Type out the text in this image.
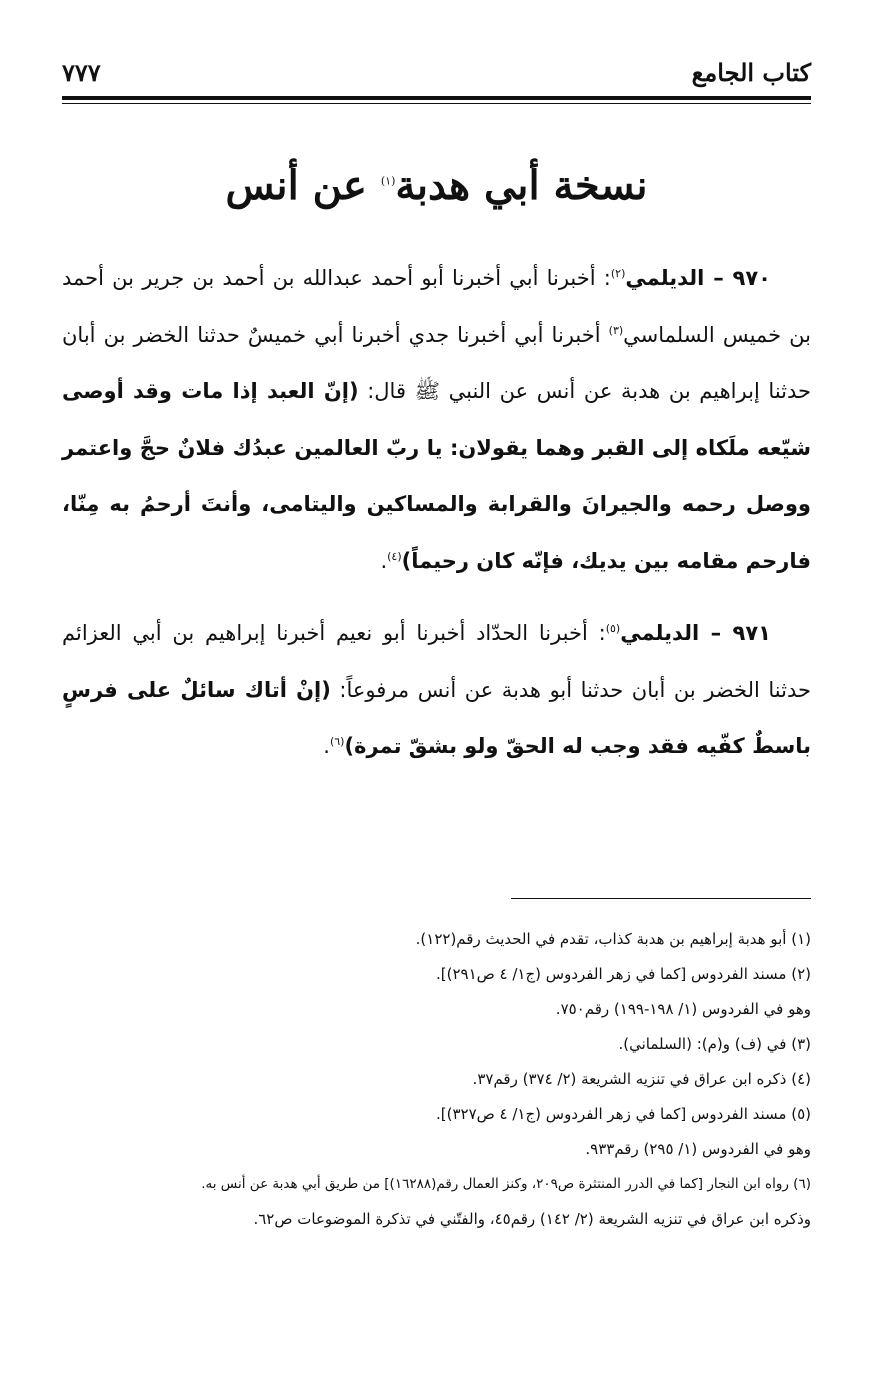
كتاب الجامع
٧٧٧
نسخة أبي هدبة$^{(١)}$ عن أنس

٩٧٠ – الديلمي$^{(٢)}$: أخبرنا أبي أخبرنا أبو أحمد عبدالله بن أحمد بن جرير بن أحمد بن خميس السلماسي$^{(٣)}$ أخبرنا أبي أخبرنا جدي أخبرنا أبي خميسٌ حدثنا الخضر بن أبان حدثنا إبراهيم بن هدبة عن أنس عن النبي ﷺ قال: (إنّ العبد إذا مات وقد أوصى شيّعه ملَكاه إلى القبر وهما يقولان: يا ربّ العالمين عبدُك فلانٌ حجَّ واعتمر ووصل رحمه والجيرانَ والقرابة والمساكين واليتامى، وأنتَ أرحمُ به مِنّا، فارحم مقامه بين يديك، فإنّه كان رحيماً)$^{(٤)}$.

٩٧١ – الديلمي$^{(٥)}$: أخبرنا الحدّاد أخبرنا أبو نعيم أخبرنا إبراهيم بن أبي العزائم حدثنا الخضر بن أبان حدثنا أبو هدبة عن أنس مرفوعاً: (إنْ أتاك سائلٌ على فرسٍ باسطٌ كفّيه فقد وجب له الحقّ ولو بشقّ تمرة)$^{(٦)}$.

(١) أبو هدبة إبراهيم بن هدبة كذاب، تقدم في الحديث رقم(١٢٢).

(٢) مسند الفردوس [كما في زهر الفردوس (ج١/ ٤ ص٢٩١)].

وهو في الفردوس (١/ ١٩٨-١٩٩) رقم٧٥٠.

(٣) في (ف) و(م): (السلماني).

(٤) ذكره ابن عراق في تنزيه الشريعة (٢/ ٣٧٤) رقم٣٧.

(٥) مسند الفردوس [كما في زهر الفردوس (ج١/ ٤ ص٣٢٧)].

وهو في الفردوس (١/ ٢٩٥) رقم٩٣٣.

(٦) رواه ابن النجار [كما في الدرر المنتثرة ص٢٠٩، وكنز العمال رقم(١٦٢٨٨)] من طريق أبي هدبة عن أنس به.

وذكره ابن عراق في تنزيه الشريعة (٢/ ١٤٢) رقم٤٥، والفتّني في تذكرة الموضوعات ص٦٢.
